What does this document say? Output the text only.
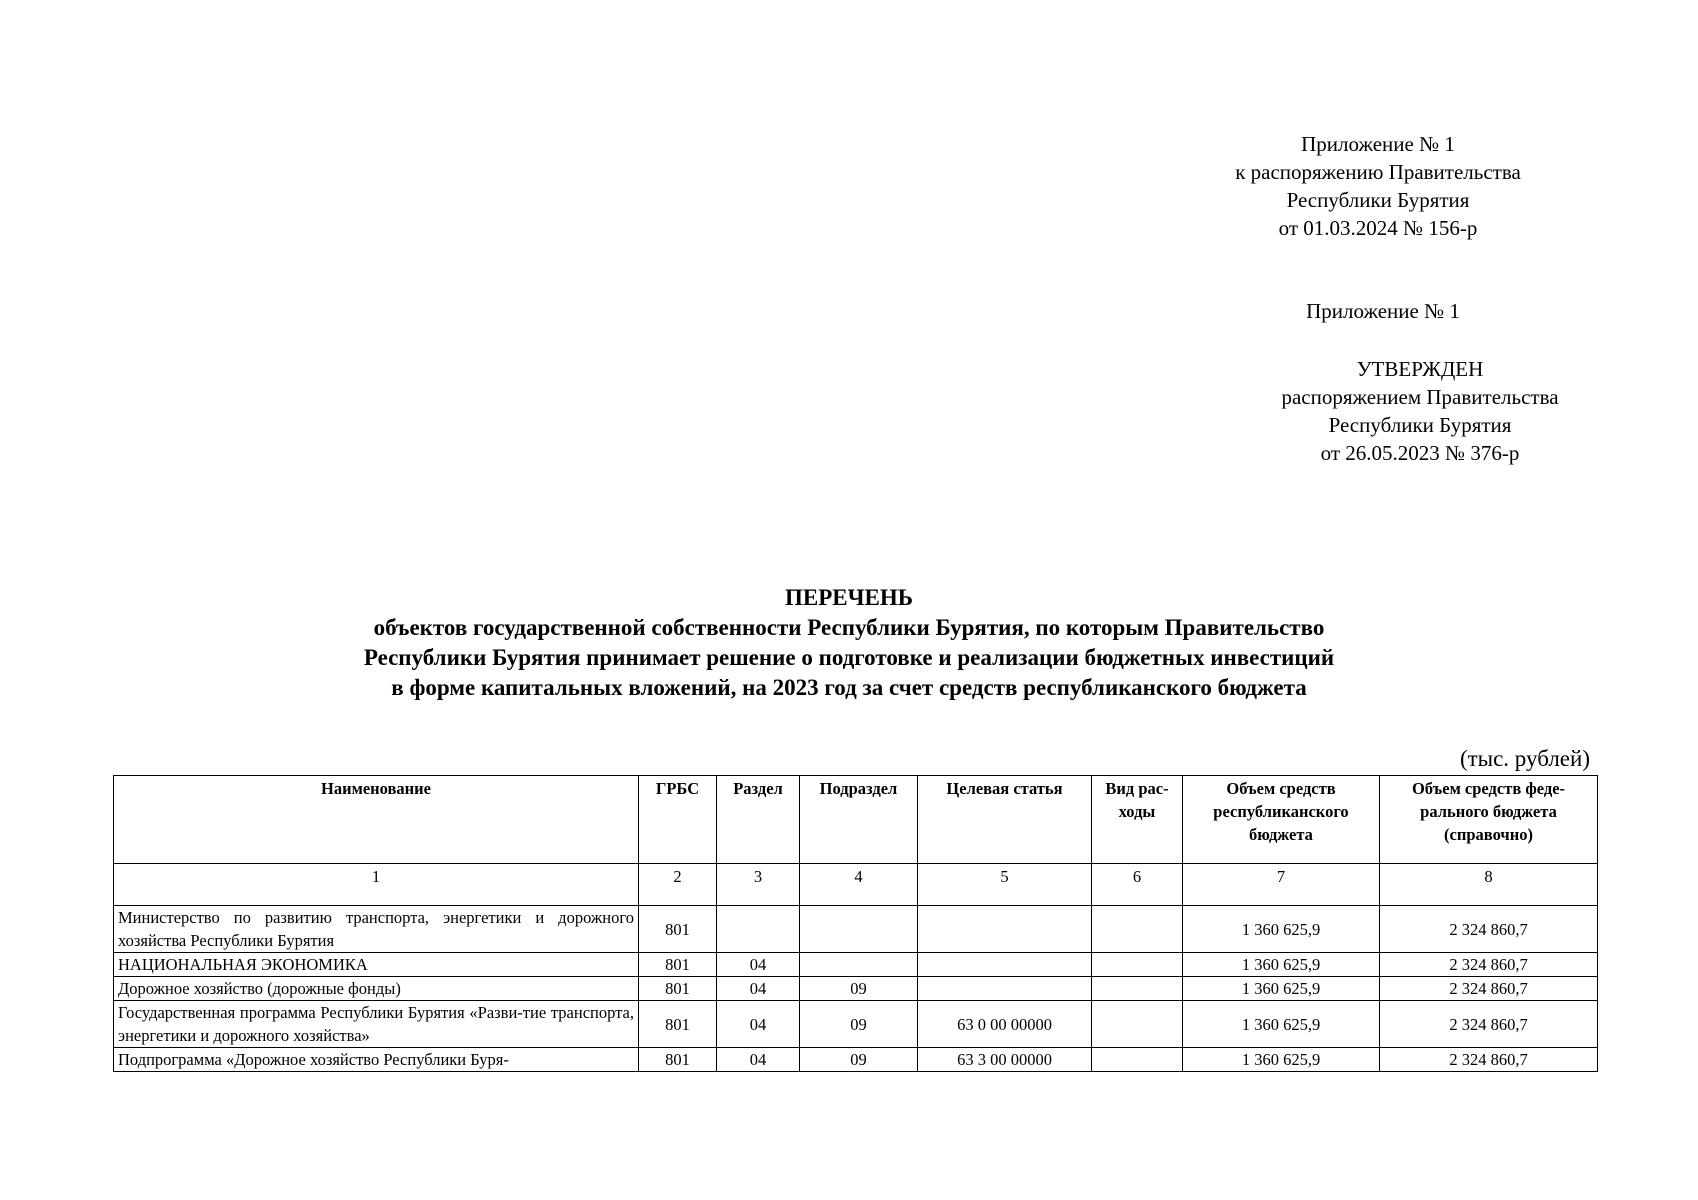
Приложение № 1
к распоряжению Правительства
Республики Бурятия
от 01.03.2024 № 156-р
Приложение № 1
УТВЕРЖДЕН
распоряжением Правительства
Республики Бурятия
от 26.05.2023 № 376-р
ПЕРЕЧЕНЬ
объектов государственной собственности Республики Бурятия, по которым Правительство
Республики Бурятия принимает решение о подготовке и реализации бюджетных инвестиций
в форме капитальных вложений, на 2023 год за счет средств республиканского бюджета
(тыс. рублей)
Наименование	ГРБС	Раздел	Подраздел	Целевая статья	Вид рас-ходы	Объем средств республиканского бюджета	Объем средств феде-рального бюджета (справочно)
1	2	3	4	5	6	7	8
Министерство по развитию транспорта, энергетики и дорожного хозяйства Республики Бурятия	801					1 360 625,9	2 324 860,7
НАЦИОНАЛЬНАЯ ЭКОНОМИКА	801	04				1 360 625,9	2 324 860,7
Дорожное хозяйство (дорожные фонды)	801	04	09			1 360 625,9	2 324 860,7
Государственная программа Республики Бурятия «Разви-тие транспорта, энергетики и дорожного хозяйства»	801	04	09	63 0 00 00000		1 360 625,9	2 324 860,7
Подпрограмма «Дорожное хозяйство Республики Буря-	801	04	09	63 3 00 00000		1 360 625,9	2 324 860,7
